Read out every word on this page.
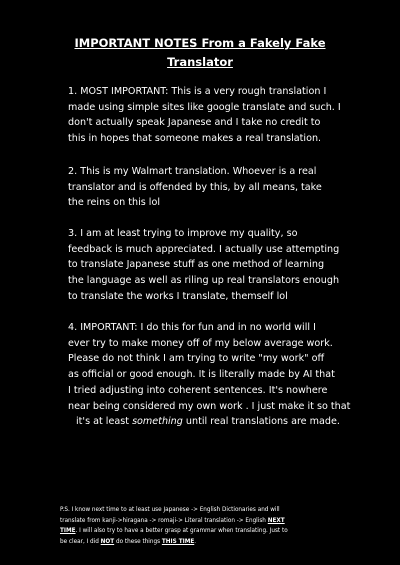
IMPORTANT NOTES From a Fakely Fake
Translator
1. MOST IMPORTANT: This is a very rough translation I
made using simple sites like google translate and such. I
don't actually speak Japanese and I take no credit to
this in hopes that someone makes a real translation.
2. This is my Walmart translation. Whoever is a real
translator and is offended by this, by all means, take
the reins on this lol
3. I am at least trying to improve my quality, so
feedback is much appreciated. I actually use attempting
to translate Japanese stuff as one method of learning
the language as well as riling up real translators enough
to translate the works I translate, themself lol
4. IMPORTANT: I do this for fun and in no world will I
ever try to make money off of my below average work.
Please do not think I am trying to write "my work" off
as official or good enough. It is literally made by AI that
I tried adjusting into coherent sentences. It's nowhere
near being considered my own work . I just make it so that
it's at least something until real translations are made.
P.S. I know next time to at least use Japanese -> English Dictionaries and will
translate from kanji->hiragana -> romaji-> Literal translation -> English NEXT
TIME. I will also try to have a better grasp at grammar when translating. Just to
be clear, I did NOT do these things THIS TIME.
